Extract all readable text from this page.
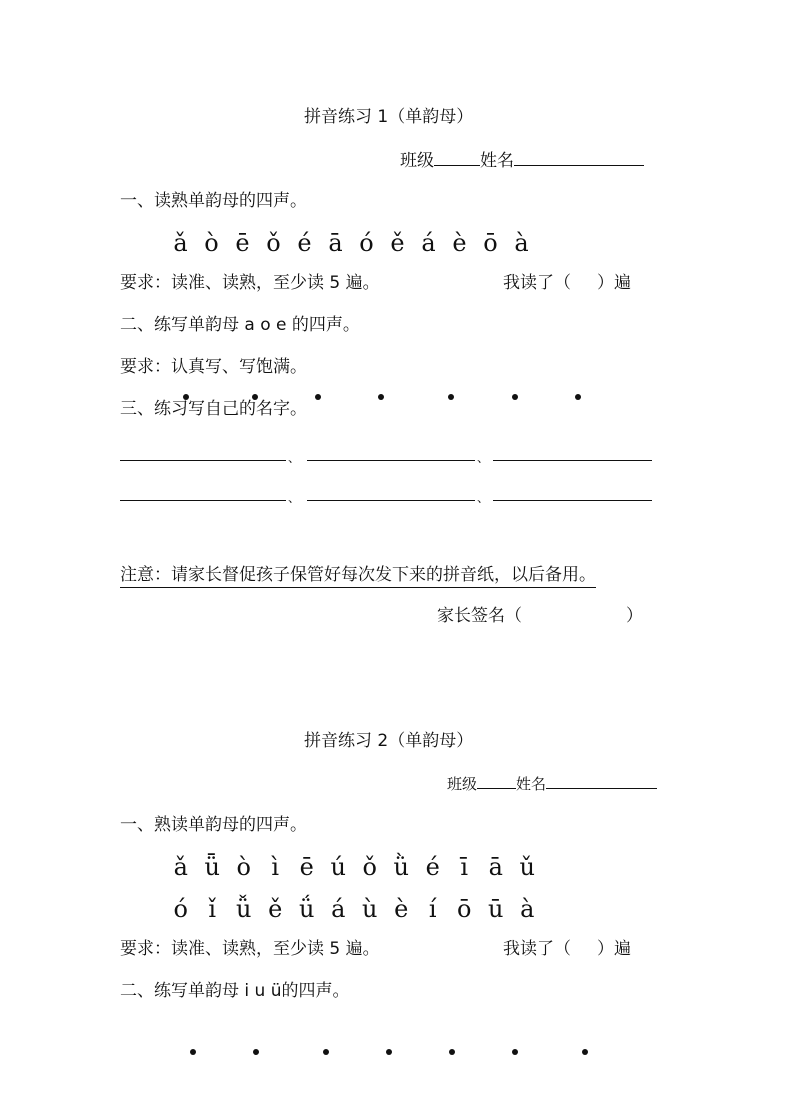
拼音练习 1（单韵母）
班级	姓名
一、读熟单韵母的四声。
ǎ ò ē ǒ é ā ó ě á è ō à
要求：读准、读熟，至少读 5 遍。	我读了（ ）遍
二、练写单韵母 a o e 的四声。
要求：认真写、写饱满。
三、练习写自己的名字。
、	、
、	、
注意：请家长督促孩子保管好每次发下来的拼音纸，以后备用。
家长签名（	）
拼音练习 2（单韵母）
班级	姓名
一、熟读单韵母的四声。
ǎ ǖ ò ì ē ú ǒ ǜ é ī ā ǔ
ó ǐ ǚ ě ǘ á ù è í ō ū à
要求：读准、读熟，至少读 5 遍。	我读了（ ）遍
二、练写单韵母 i u ü的四声。
